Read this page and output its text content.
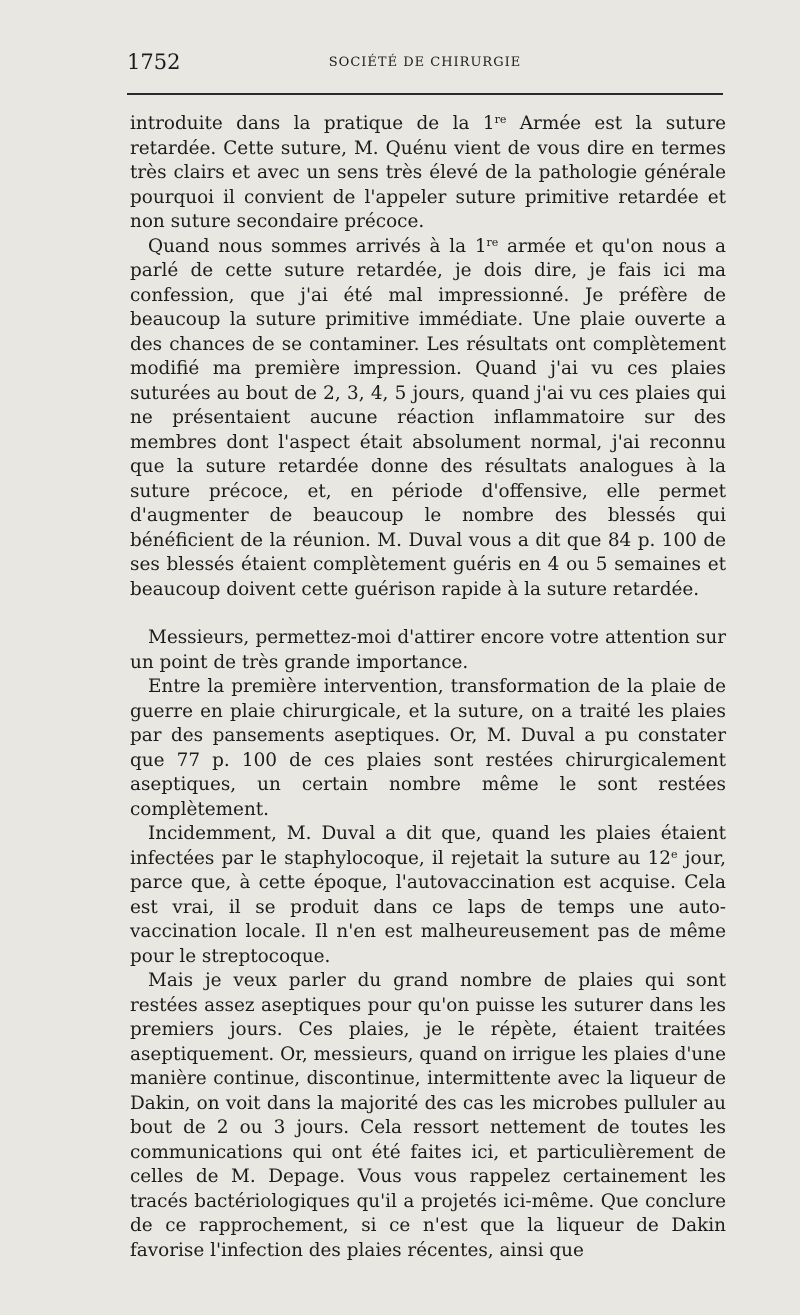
1752	SOCIÉTÉ DE CHIRURGIE

introduite dans la pratique de la 1re Armée est la suture retardée. Cette suture, M. Quénu vient de vous dire en termes très clairs et avec un sens très élevé de la pathologie générale pourquoi il convient de l'appeler suture primitive retardée et non suture secondaire précoce.

Quand nous sommes arrivés à la 1re armée et qu'on nous a parlé de cette suture retardée, je dois dire, je fais ici ma confession, que j'ai été mal impressionné. Je préfère de beaucoup la suture primitive immédiate. Une plaie ouverte a des chances de se contaminer. Les résultats ont complètement modifié ma première impression. Quand j'ai vu ces plaies suturées au bout de 2, 3, 4, 5 jours, quand j'ai vu ces plaies qui ne présentaient aucune réaction inflammatoire sur des membres dont l'aspect était absolument normal, j'ai reconnu que la suture retardée donne des résultats analogues à la suture précoce, et, en période d'offensive, elle permet d'augmenter de beaucoup le nombre des blessés qui bénéficient de la réunion. M. Duval vous a dit que 84 p. 100 de ses blessés étaient complètement guéris en 4 ou 5 semaines et beaucoup doivent cette guérison rapide à la suture retardée.

Messieurs, permettez-moi d'attirer encore votre attention sur un point de très grande importance.

Entre la première intervention, transformation de la plaie de guerre en plaie chirurgicale, et la suture, on a traité les plaies par des pansements aseptiques. Or, M. Duval a pu constater que 77 p. 100 de ces plaies sont restées chirurgicalement aseptiques, un certain nombre même le sont restées complètement.

Incidemment, M. Duval a dit que, quand les plaies étaient infectées par le staphylocoque, il rejetait la suture au 12e jour, parce que, à cette époque, l'autovaccination est acquise. Cela est vrai, il se produit dans ce laps de temps une auto-vaccination locale. Il n'en est malheureusement pas de même pour le streptocoque.

Mais je veux parler du grand nombre de plaies qui sont restées assez aseptiques pour qu'on puisse les suturer dans les premiers jours. Ces plaies, je le répète, étaient traitées aseptiquement. Or, messieurs, quand on irrigue les plaies d'une manière continue, discontinue, intermittente avec la liqueur de Dakin, on voit dans la majorité des cas les microbes pulluler au bout de 2 ou 3 jours. Cela ressort nettement de toutes les communications qui ont été faites ici, et particulièrement de celles de M. Depage. Vous vous rappelez certainement les tracés bactériologiques qu'il a projetés ici-même. Que conclure de ce rapprochement, si ce n'est que la liqueur de Dakin favorise l'infection des plaies récentes, ainsi que
